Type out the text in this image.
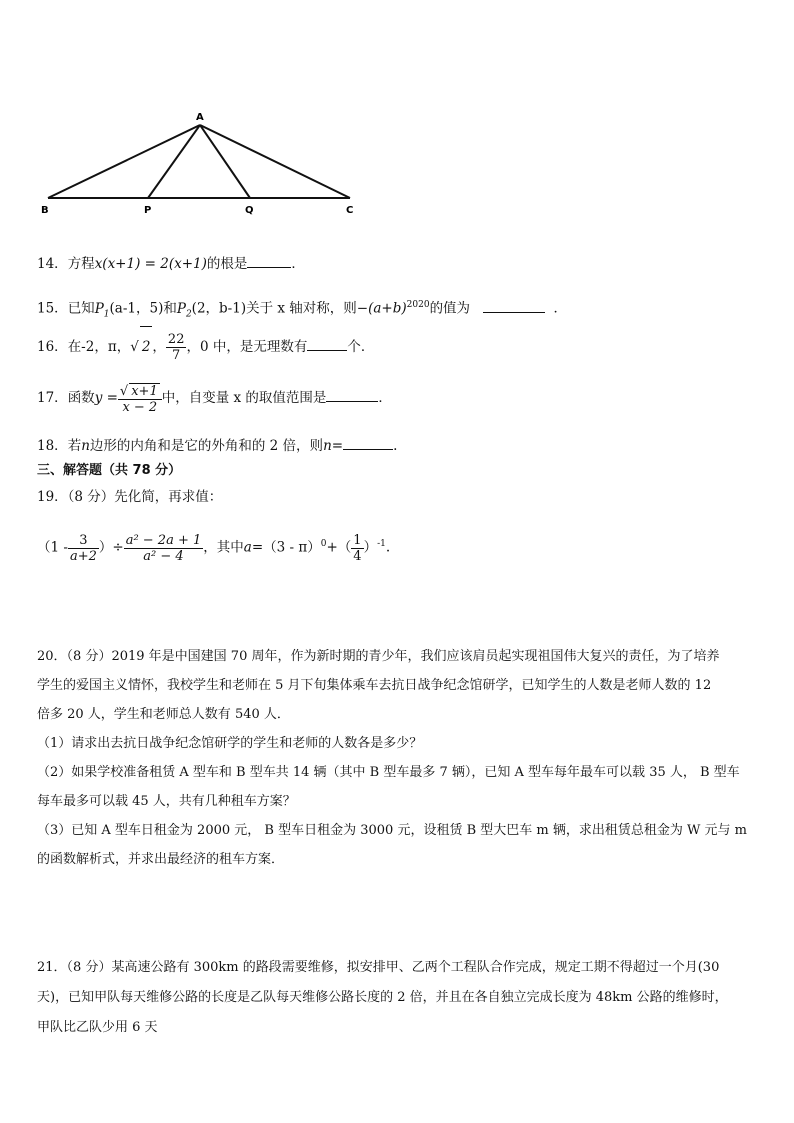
A
B	P	Q	C
14．方程x(x+1) = 2(x+1)的根是	．
15．已知$P_1(a-1$，5)和$P_2(2$，b-1)关于 x 轴对称，则$-(a+b)^{2020}$的值为	．
16．在-2，π，√ 2 ， $\frac{22}{7}$ ，0 中，是无理数有	个．
17．函数$y = \frac{√ x+1}{x - 2}$ 中，自变量 x 的取值范围是	．
18．若n边形的内角和是它的外角和的 2 倍，则n=	.
三、解答题（共 78 分）
19．（8 分）先化简，再求值：
（$1 - \frac{3}{a+2}$ ）÷ $\frac{\text{a² − 2a + 1}}{\text{a² − 4}}$ ，其中$a=(3 - \pi)^0+( \frac{1}{4} )^{-1}$.
20．（8 分）2019 年是中国建国 70 周年，作为新时期的青少年，我们应该肩员起实现祖国伟大复兴的责任，为了培养
学生的爱国主义情怀，我校学生和老师在 5 月下旬集体乘车去抗日战争纪念馆研学，已知学生的人数是老师人数的 12
倍多 20 人，学生和老师总人数有 540 人．
（1）请求出去抗日战争纪念馆研学的学生和老师的人数各是多少？
（2）如果学校准备租赁 A 型车和 B 型车共 14 辆（其中 B 型车最多 7 辆），已知 A 型车每年最车可以载 35 人， B 型车
每车最多可以载 45 人，共有几种租车方案？
（3）已知 A 型车日租金为 2000 元， B 型车日租金为 3000 元，设租赁 B 型大巴车 m 辆，求出租赁总租金为 W 元与 m
的函数解析式，并求出最经济的租车方案．
21．（8 分）某高速公路有 300km 的路段需要维修，拟安排甲、乙两个工程队合作完成，规定工期不得超过一个月(30
天)，已知甲队每天维修公路的长度是乙队每天维修公路长度的 2 倍，并且在各自独立完成长度为 48km 公路的维修时，
甲队比乙队少用 6 天
